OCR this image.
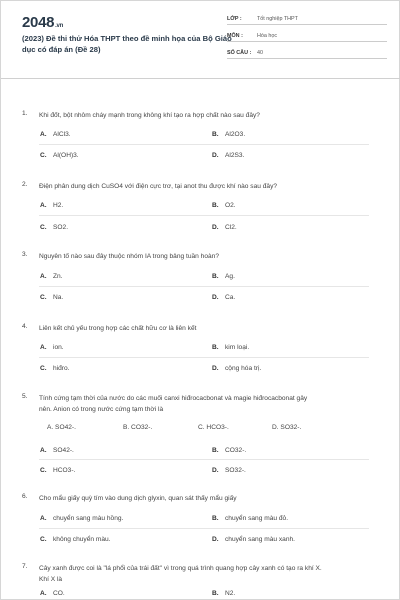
2048.vn
(2023) Đề thi thử Hóa THPT theo đề minh họa của Bộ Giáo dục có đáp án (Đề 28)
LỚP :	Tốt nghiệp THPT
MÔN :	Hóa học
SỐ CÂU :	40
1. Khi đốt, bột nhôm cháy mạnh trong không khí tạo ra hợp chất nào sau đây?
A. AlCl3.	B. Al2O3.
C. Al(OH)3.	D. Al2S3.
2. Điện phân dung dịch CuSO4 với điện cực trơ, tại anot thu được khí nào sau đây?
A. H2.	B. O2.
C. SO2.	D. Cl2.
3. Nguyên tố nào sau đây thuộc nhóm IA trong bảng tuần hoàn?
A. Zn.	B. Ag.
C. Na.	D. Ca.
4. Liên kết chủ yếu trong hợp các chất hữu cơ là liên kết
A. ion.	B. kim loại.
C. hiđro.	D. cộng hóa trị.
5. Tính cứng tạm thời của nước do các muối canxi hiđrocacbonat và magie hiđrocacbonat gây
nên. Anion có trong nước cứng tạm thời là
A. SO42-.	B. CO32-.	C. HCO3-.	D. SO32-.
A. SO42-.	B. CO32-.
C. HCO3-.	D. SO32-.
6. Cho mẩu giấy quỳ tím vào dung dịch glyxin, quan sát thấy mẩu giấy
A. chuyển sang màu hồng.	B. chuyển sang màu đỏ.
C. không chuyển màu.	D. chuyển sang màu xanh.
7. Cây xanh được coi là "lá phổi của trái đất" vì trong quá trình quang hợp cây xanh có tạo ra khí X.
Khí X là
A. CO.	B. N2.
